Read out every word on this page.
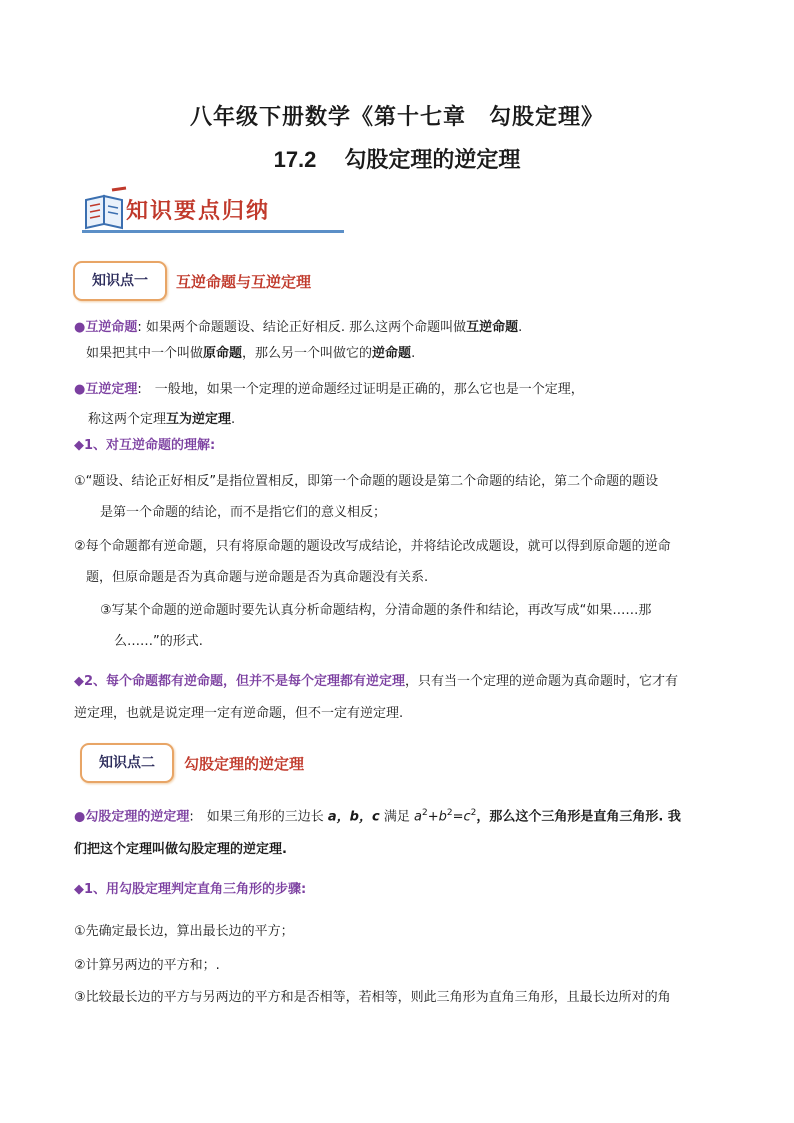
八年级下册数学《第十七章　勾股定理》
17.2 勾股定理的逆定理
知识要点归纳
知识点一	互逆命题与互逆定理
●互逆命题: 如果两个命题题设、结论正好相反. 那么这两个命题叫做互逆命题.
如果把其中一个叫做原命题，那么另一个叫做它的逆命题.
●互逆定理:　一般地，如果一个定理的逆命题经过证明是正确的，那么它也是一个定理，
称这两个定理互为逆定理.
◆1、对互逆命题的理解:
①“题设、结论正好相反”是指位置相反，即第一个命题的题设是第二个命题的结论，第二个命题的题设
是第一个命题的结论，而不是指它们的意义相反；
②每个命题都有逆命题，只有将原命题的题设改写成结论，并将结论改成题设，就可以得到原命题的逆命
题，但原命题是否为真命题与逆命题是否为真命题没有关系.
③写某个命题的逆命题时要先认真分析命题结构，分清命题的条件和结论，再改写成“如果……那
么……”的形式.
◆2、每个命题都有逆命题，但并不是每个定理都有逆定理，只有当一个定理的逆命题为真命题时，它才有
逆定理，也就是说定理一定有逆命题，但不一定有逆定理.
知识点二	勾股定理的逆定理
●勾股定理的逆定理:　如果三角形的三边长 a，b，c 满足 $a^2+b^2=c^2$，那么这个三角形是直角三角形. 我
们把这个定理叫做勾股定理的逆定理.
◆1、用勾股定理判定直角三角形的步骤:
①先确定最长边，算出最长边的平方；
②计算另两边的平方和；.
③比较最长边的平方与另两边的平方和是否相等，若相等，则此三角形为直角三角形，且最长边所对的角
